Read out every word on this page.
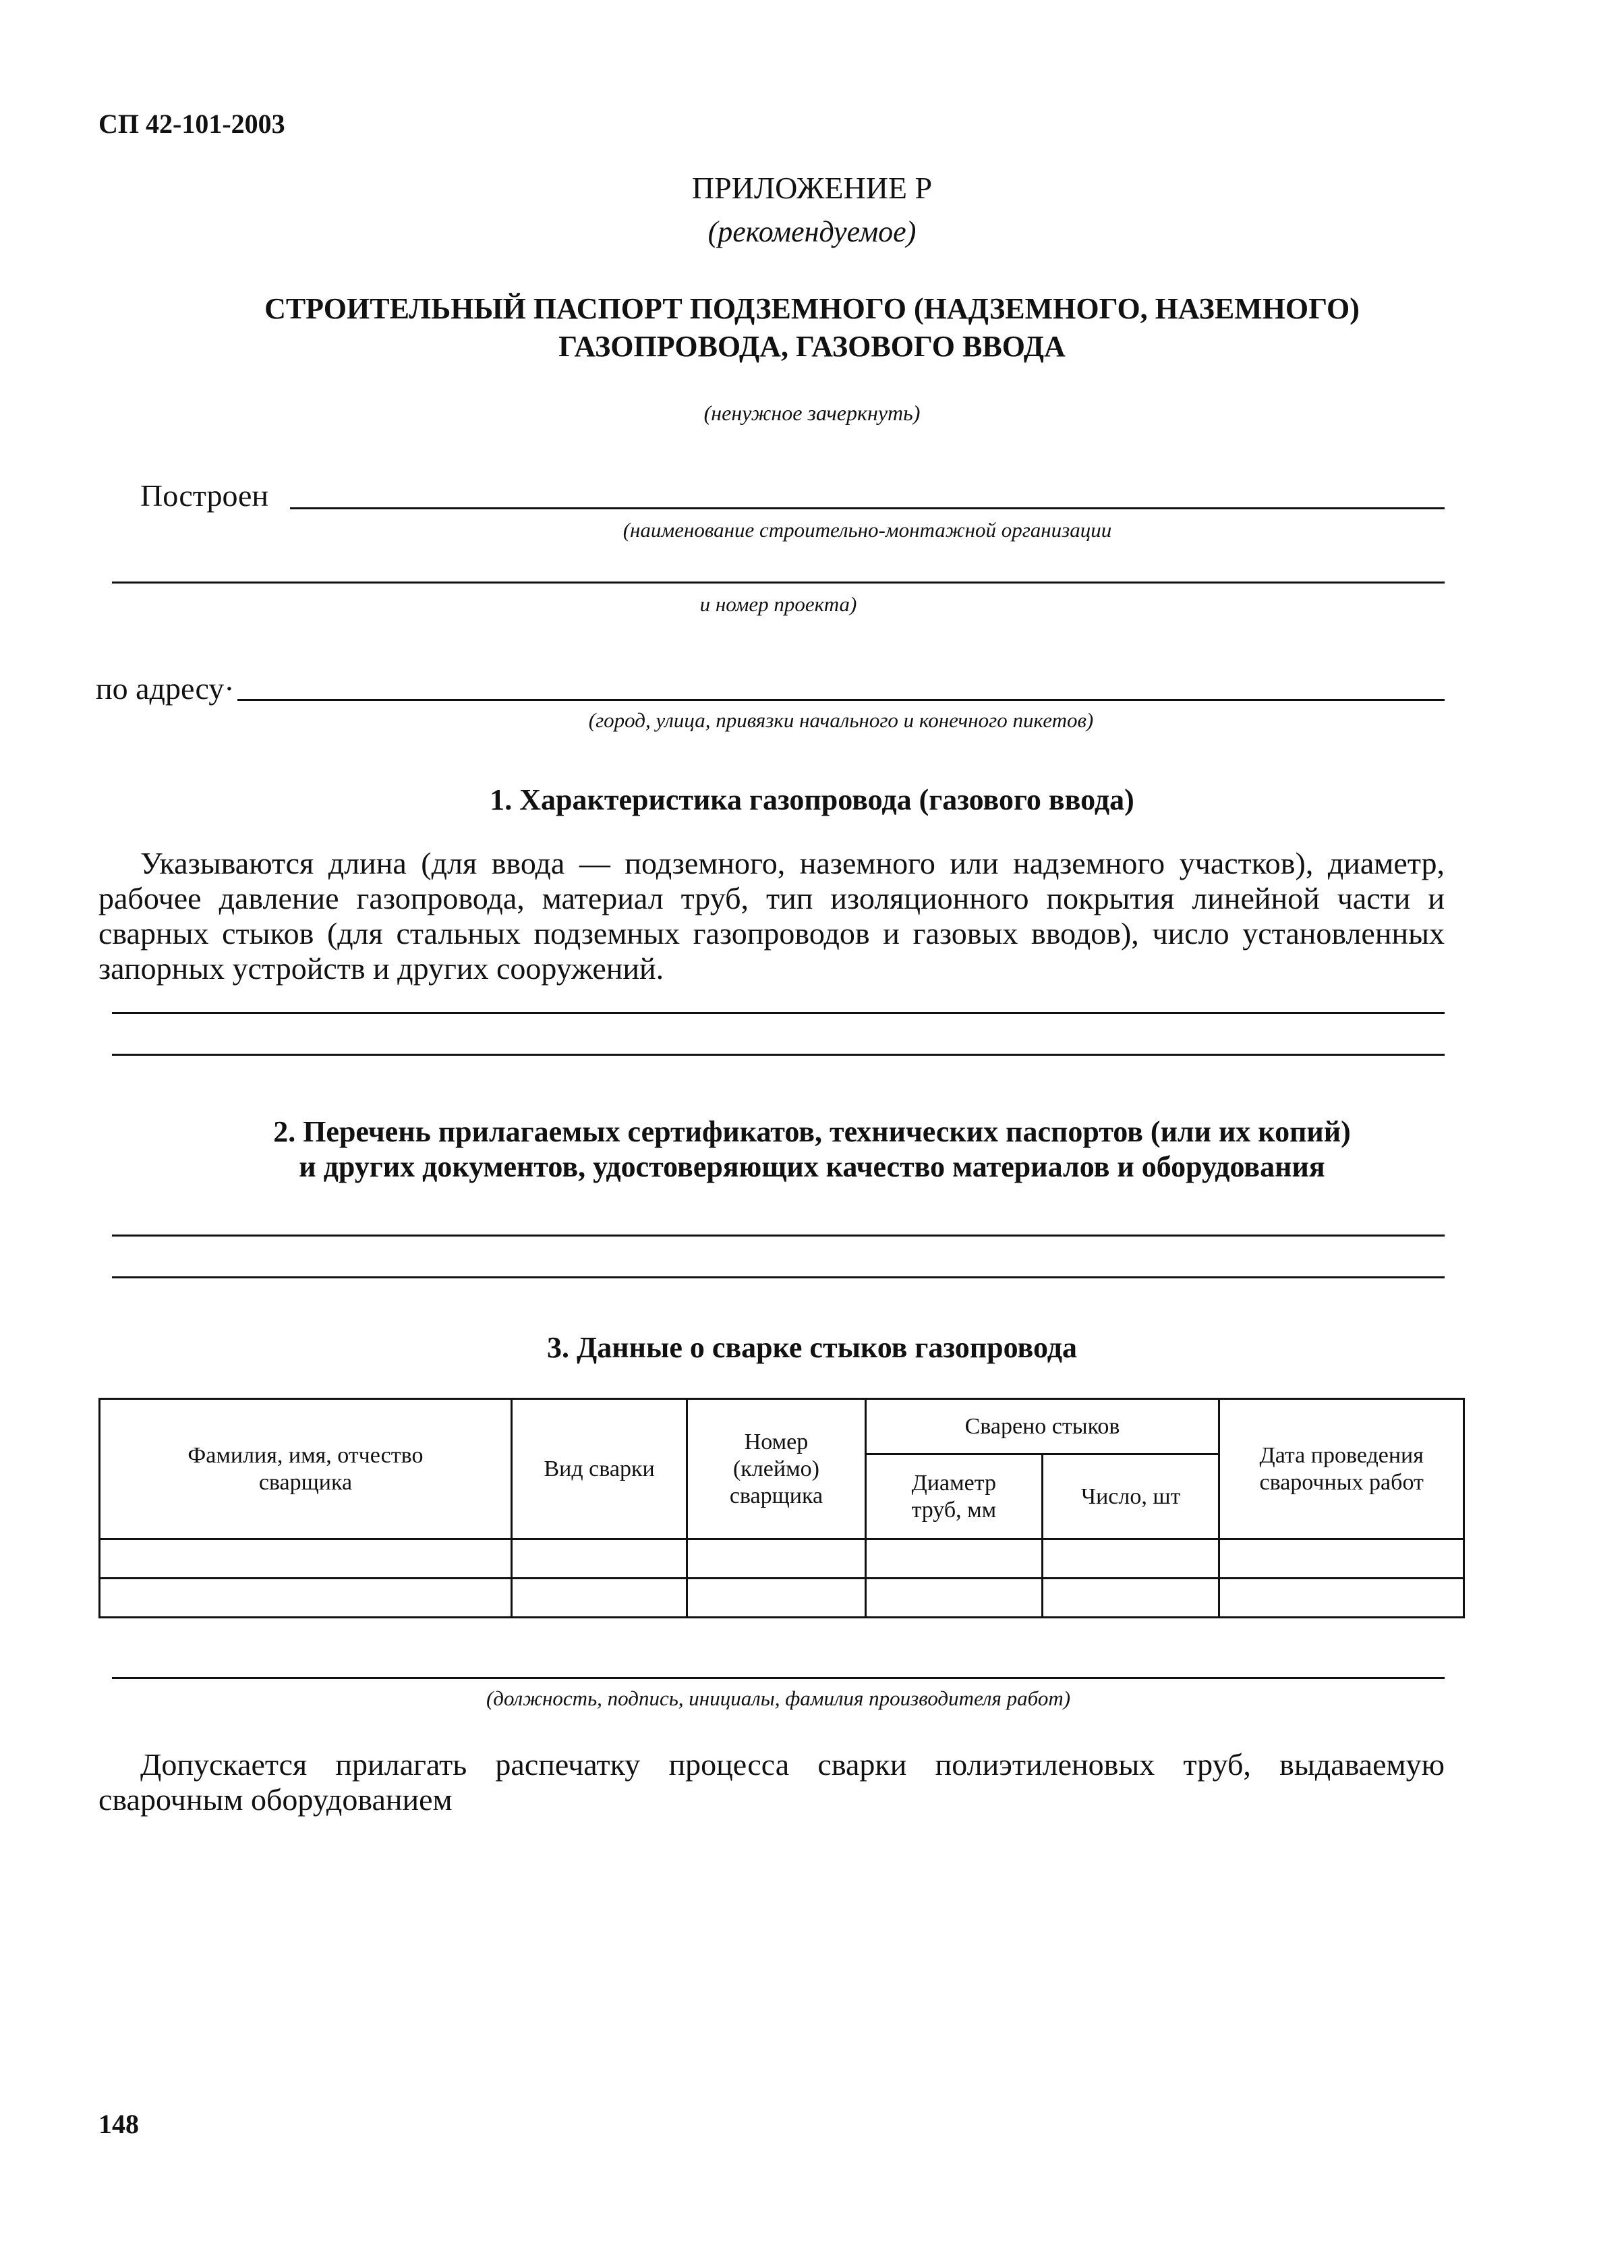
СП 42-101-2003
ПРИЛОЖЕНИЕ Р
(рекомендуемое)
СТРОИТЕЛЬНЫЙ ПАСПОРТ ПОДЗЕМНОГО (НАДЗЕМНОГО, НАЗЕМНОГО)
ГАЗОПРОВОДА, ГАЗОВОГО ВВОДА
(ненужное зачеркнуть)
Построен
(наименование строительно-монтажной организации
и номер проекта)
по адресу·
(город, улица, привязки начального и конечного пикетов)
1. Характеристика газопровода (газового ввода)
Указываются длина (для ввода — подземного, наземного или надземного участков), диаметр, рабочее давление газопровода, материал труб, тип изоляционного покрытия линейной части и сварных стыков (для стальных подземных газопроводов и газовых вводов), число установленных запорных устройств и других сооружений.
2. Перечень прилагаемых сертификатов, технических паспортов (или их копий)
и других документов, удостоверяющих качество материалов и оборудования
3. Данные о сварке стыков газопровода
Фамилия, имя, отчество сварщика	Вид сварки	Номер (клеймо) сварщика	Сварено стыков		Дата проведения сварочных работ
			Диаметр труб, мм	Число, шт	

(должность, подпись, инициалы, фамилия производителя работ)
Допускается прилагать распечатку процесса сварки полиэтиленовых труб, выдаваемую сварочным оборудованием
148
